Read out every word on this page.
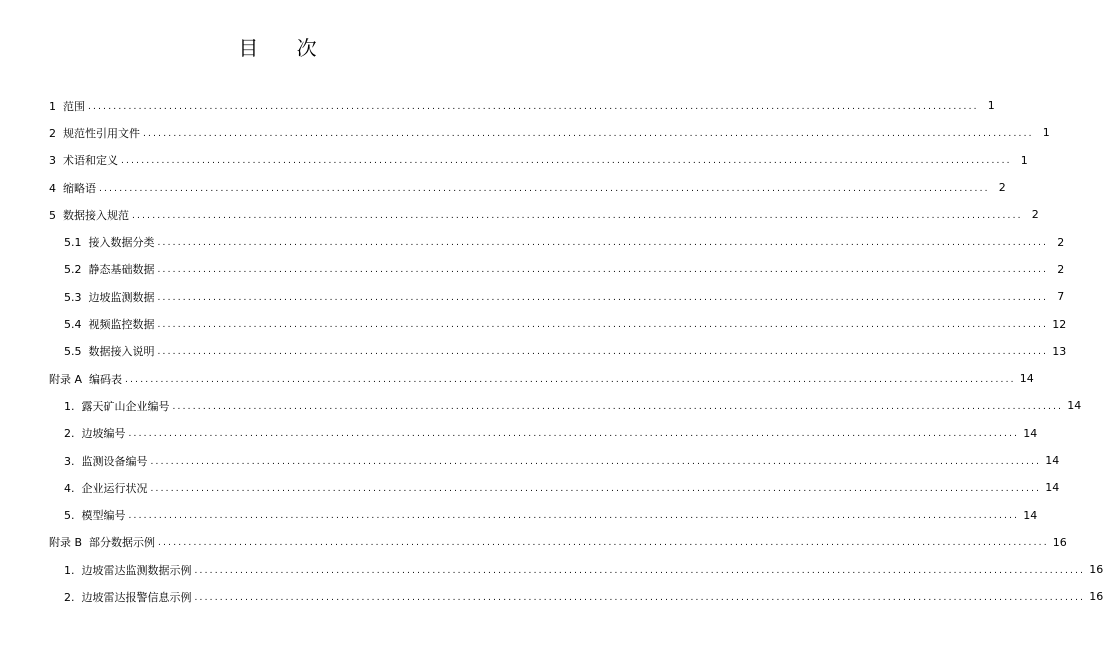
目 次
1  范围 ................................................................................................................................................................................ 1
2  规范性引用文件 ................................................................................................................................................................................ 1
3  术语和定义 ................................................................................................................................................................................ 1
4  缩略语 ................................................................................................................................................................................ 2
5  数据接入规范 ................................................................................................................................................................................ 2
5.1  接入数据分类 ................................................................................................................................................................................ 2
5.2  静态基础数据 ................................................................................................................................................................................ 2
5.3  边坡监测数据 ................................................................................................................................................................................ 7
5.4  视频监控数据 ................................................................................................................................................................................ 12
5.5  数据接入说明 ................................................................................................................................................................................ 13
附录 A  编码表 ................................................................................................................................................................................ 14
1.  露天矿山企业编号 ................................................................................................................................................................................ 14
2.  边坡编号 ................................................................................................................................................................................ 14
3.  监测设备编号 ................................................................................................................................................................................ 14
4.  企业运行状况 ................................................................................................................................................................................ 14
5.  模型编号 ................................................................................................................................................................................ 14
附录 B  部分数据示例 ................................................................................................................................................................................ 16
1.  边坡雷达监测数据示例 ................................................................................................................................................................................ 16
2.  边坡雷达报警信息示例 ................................................................................................................................................................................ 16
